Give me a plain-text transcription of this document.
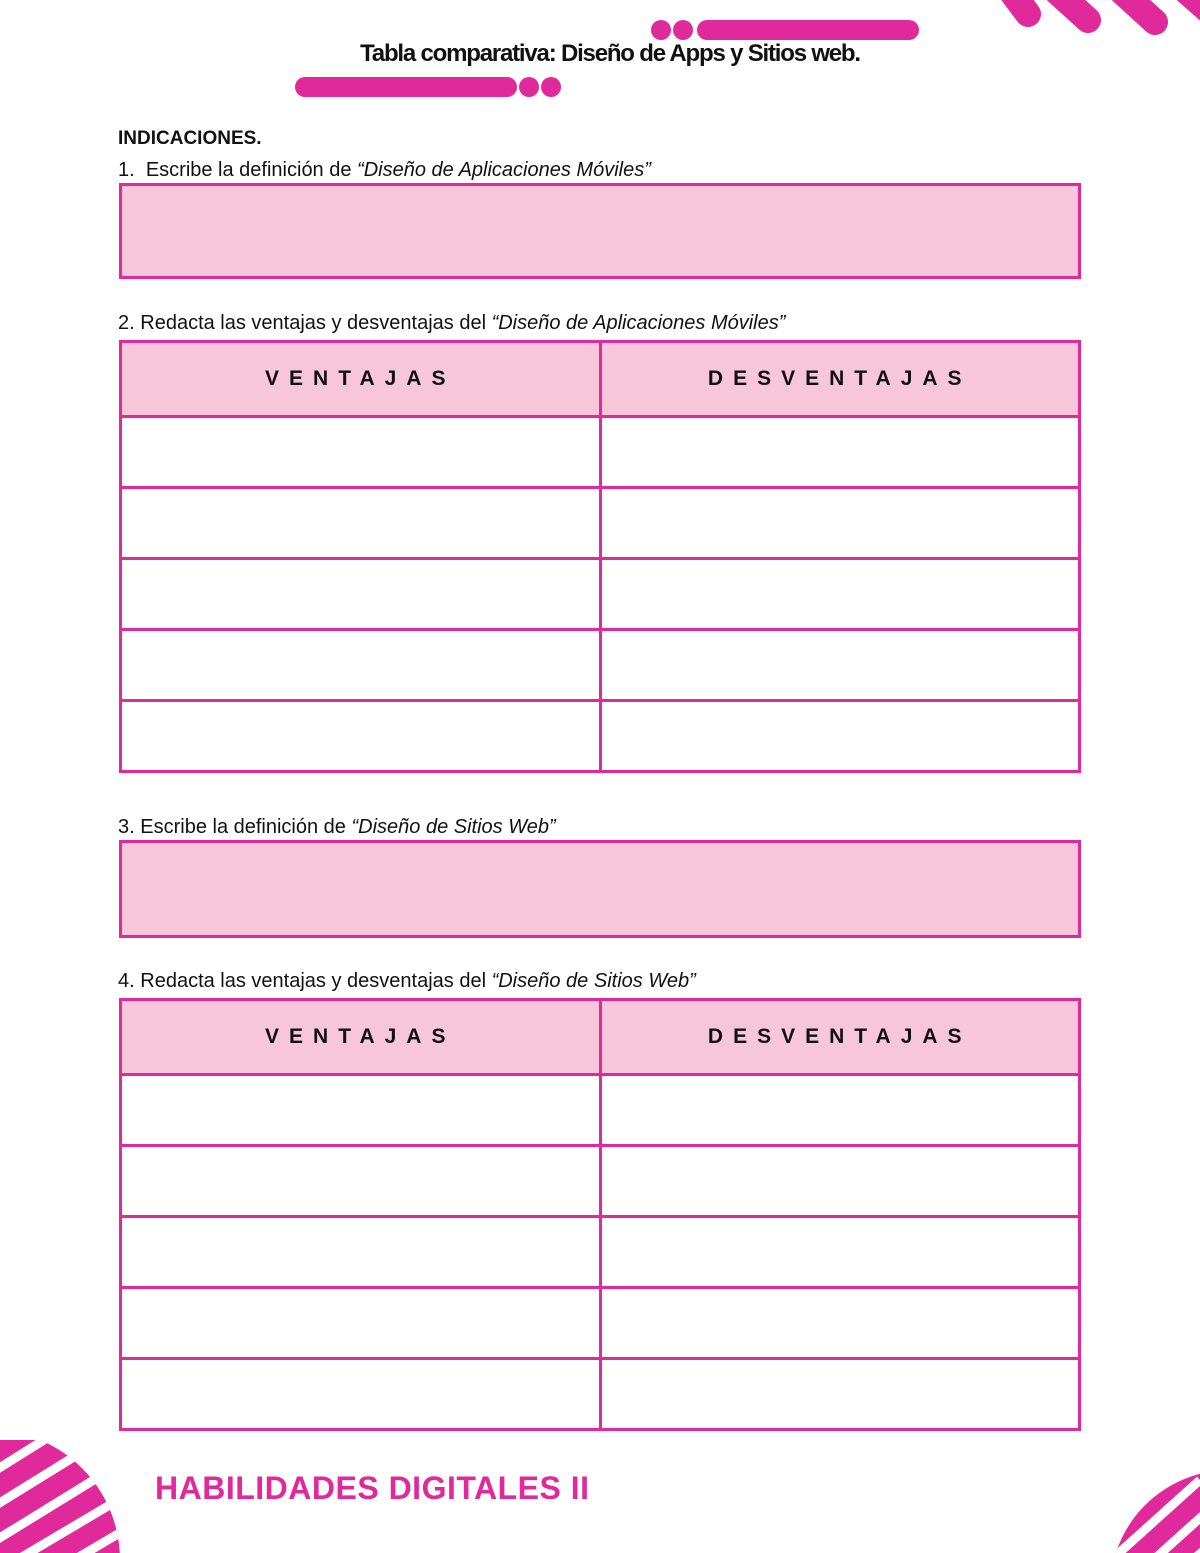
Tabla comparativa: Diseño de Apps y Sitios web.
INDICACIONES.
1. Escribe la definición de “Diseño de Aplicaciones Móviles”
2. Redacta las ventajas y desventajas del “Diseño de Aplicaciones Móviles”
VENTAJAS	DESVENTAJAS

3. Escribe la definición de “Diseño de Sitios Web”
4. Redacta las ventajas y desventajas del “Diseño de Sitios Web”
VENTAJAS	DESVENTAJAS

HABILIDADES DIGITALES II
